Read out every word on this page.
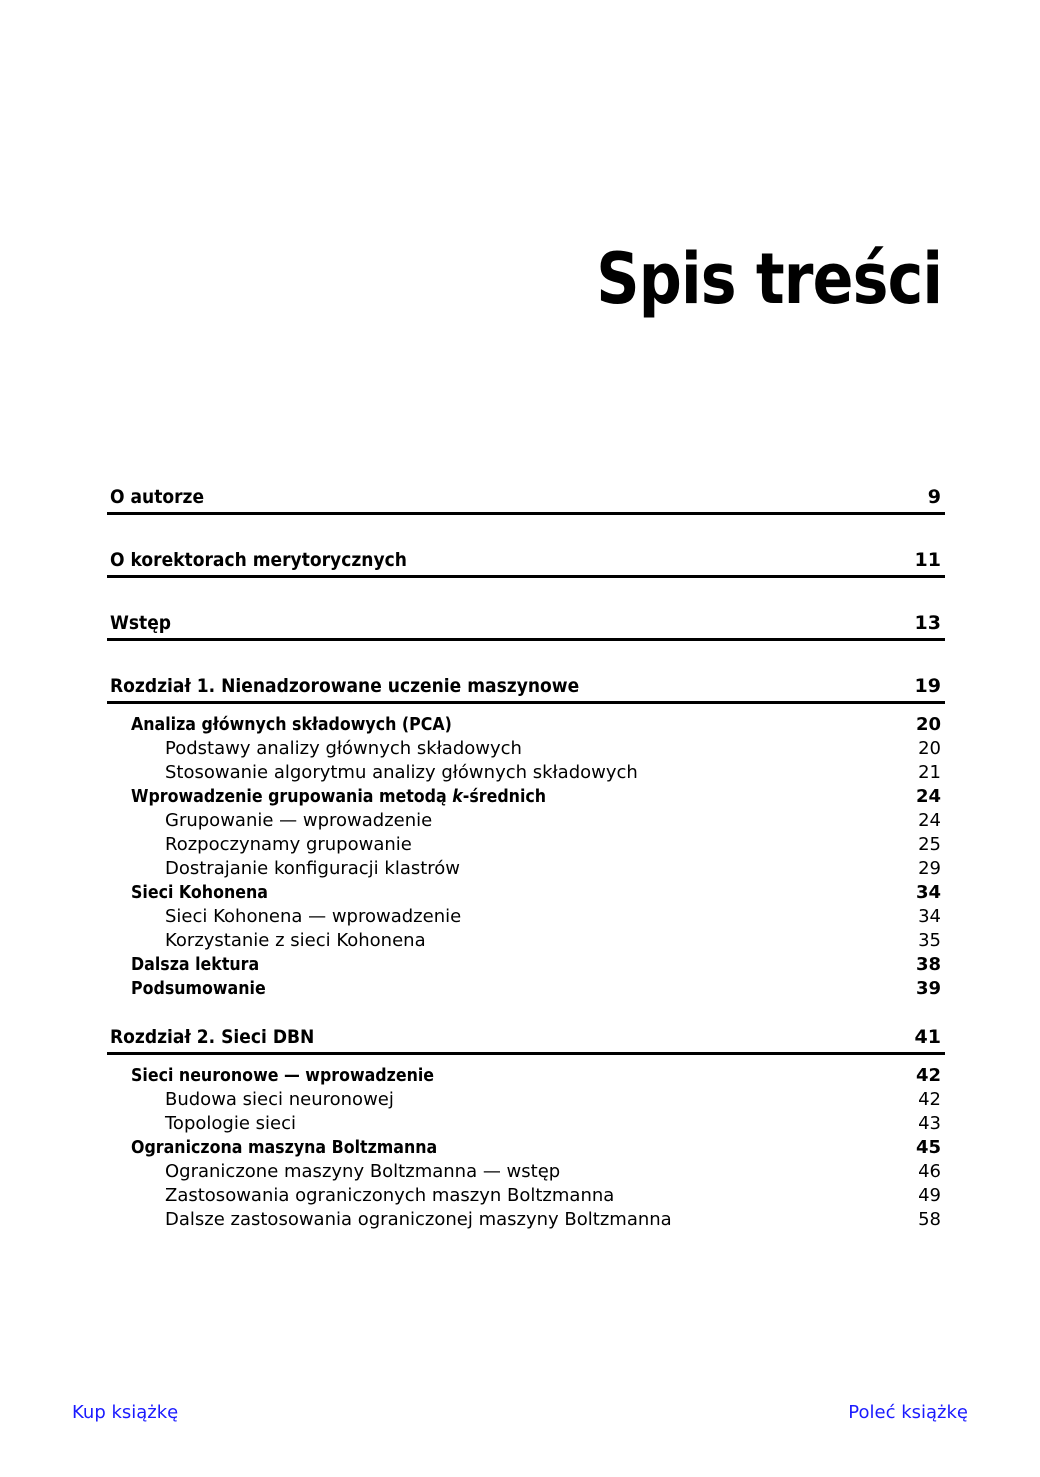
Spis treści
O autorze	9
O korektorach merytorycznych	11
Wstęp	13
Rozdział 1. Nienadzorowane uczenie maszynowe	19
Analiza głównych składowych (PCA)	20
Podstawy analizy głównych składowych	20
Stosowanie algorytmu analizy głównych składowych	21
Wprowadzenie grupowania metodą k-średnich	24
Grupowanie — wprowadzenie	24
Rozpoczynamy grupowanie	25
Dostrajanie konfiguracji klastrów	29
Sieci Kohonena	34
Sieci Kohonena — wprowadzenie	34
Korzystanie z sieci Kohonena	35
Dalsza lektura	38
Podsumowanie	39
Rozdział 2. Sieci DBN	41
Sieci neuronowe — wprowadzenie	42
Budowa sieci neuronowej	42
Topologie sieci	43
Ograniczona maszyna Boltzmanna	45
Ograniczone maszyny Boltzmanna — wstęp	46
Zastosowania ograniczonych maszyn Boltzmanna	49
Dalsze zastosowania ograniczonej maszyny Boltzmanna	58
Kup książkę	Poleć książkę
